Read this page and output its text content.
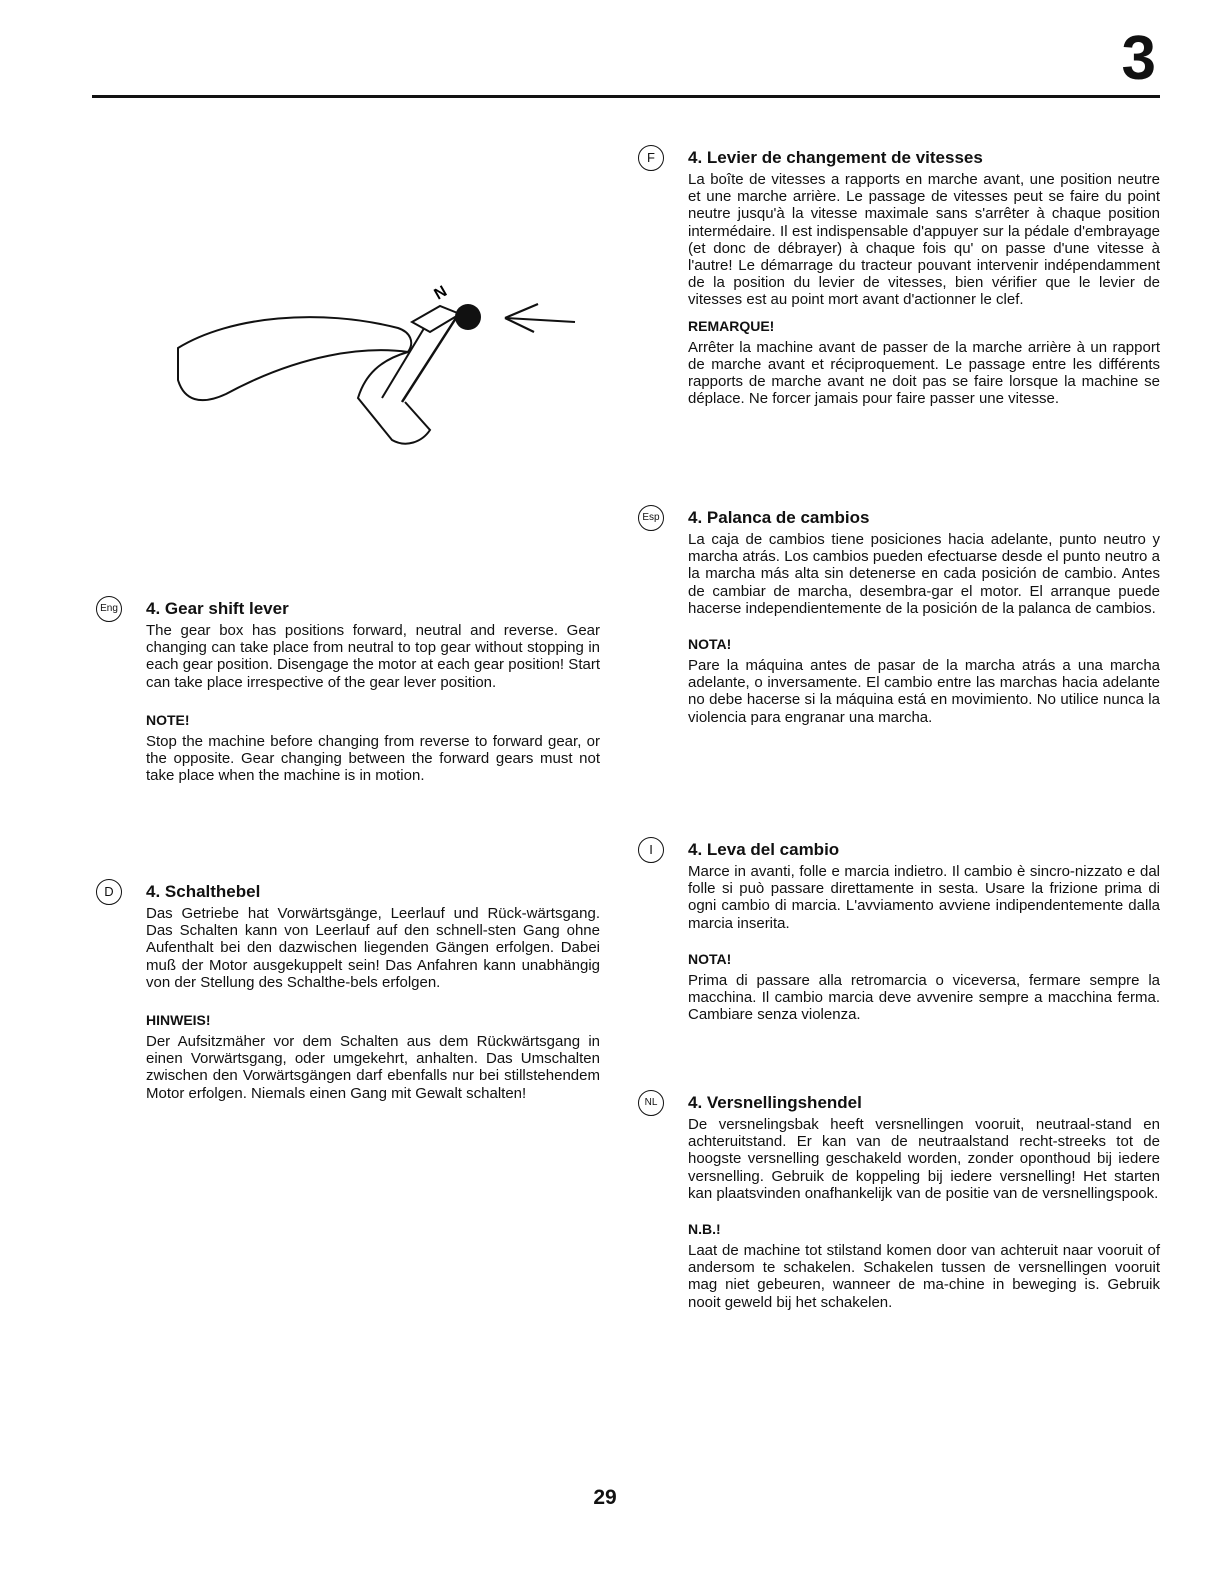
3
N
F	4. Levier de changement de vitesses

La boîte de vitesses a rapports en marche avant, une position neutre et une marche arrière. Le passage de vitesses peut se faire du point neutre jusqu'à la vitesse maximale sans s'arrêter à chaque position intermédaire. Il est indispensable d'appuyer sur la pédale d'embrayage (et donc de débrayer) à chaque fois qu' on passe d'une vitesse à l'autre! Le démarrage du tracteur pouvant intervenir indépendamment de la position du levier de vitesses, bien vérifier que le levier de vitesses est au point mort avant d'actionner le clef.

REMARQUE!

Arrêter la machine avant de passer de la marche arrière à un rapport de marche avant et réciproquement. Le passage entre les différents rapports de marche avant ne doit pas se faire lorsque la machine se déplace. Ne forcer jamais pour faire passer une vitesse.

Esp 4. Palanca de cambios

La caja de cambios tiene posiciones hacia adelante, punto neutro y marcha atrás. Los cambios pueden efectuarse desde el punto neutro a la marcha más alta sin detenerse en cada posición de cambio. Antes de cambiar de marcha, desembra-gar el motor. El arranque puede hacerse independientemente de la posición de la palanca de cambios.

NOTA!

Pare la máquina antes de pasar de la marcha atrás a una marcha adelante, o inversamente. El cambio entre las marchas hacia adelante no debe hacerse si la máquina está en movimiento. No utilice nunca la violencia para engranar una marcha.

Eng 4. Gear shift lever

The gear box has positions forward, neutral and reverse. Gear changing can take place from neutral to top gear without stopping in each gear position. Disengage the motor at each gear position! Start can take place irrespective of the gear lever position.

NOTE!

Stop the machine before changing from reverse to forward gear, or the opposite. Gear changing between the forward gears must not take place when the machine is in motion.

I	4. Leva del cambio

Marce in avanti, folle e marcia indietro. Il cambio è sincro-nizzato e dal folle si può passare direttamente in sesta. Usare la frizione prima di ogni cambio di marcia. L'avviamento avviene indipendentemente dalla marcia inserita.

NOTA!

Prima di passare alla retromarcia o viceversa, fermare sempre la macchina. Il cambio marcia deve avvenire sempre a macchina ferma. Cambiare senza violenza.

D	4. Schalthebel

Das Getriebe hat Vorwärtsgänge, Leerlauf und Rück-wärtsgang. Das Schalten kann von Leerlauf auf den schnell-sten Gang ohne Aufenthalt bei den dazwischen liegenden Gängen erfolgen. Dabei muß der Motor ausgekuppelt sein! Das Anfahren kann unabhängig von der Stellung des Schalthe-bels erfolgen.

HINWEIS!

Der Aufsitzmäher vor dem Schalten aus dem Rückwärtsgang in einen Vorwärtsgang, oder umgekehrt, anhalten. Das Umschalten zwischen den Vorwärtsgängen darf ebenfalls nur bei stillstehendem Motor erfolgen. Niemals einen Gang mit Gewalt schalten!

NL	4. Versnellingshendel

De versnelingsbak heeft versnellingen vooruit, neutraal-stand en achteruitstand. Er kan van de neutraalstand recht-streeks tot de hoogste versnelling geschakeld worden, zonder oponthoud bij iedere versnelling. Gebruik de koppeling bij iedere versnelling! Het starten kan plaatsvinden onafhankelijk van de positie van de versnellingspook.

N.B.!

Laat de machine tot stilstand komen door van achteruit naar vooruit of andersom te schakelen. Schakelen tussen de versnellingen vooruit mag niet gebeuren, wanneer de ma-chine in beweging is. Gebruik nooit geweld bij het schakelen.

29
